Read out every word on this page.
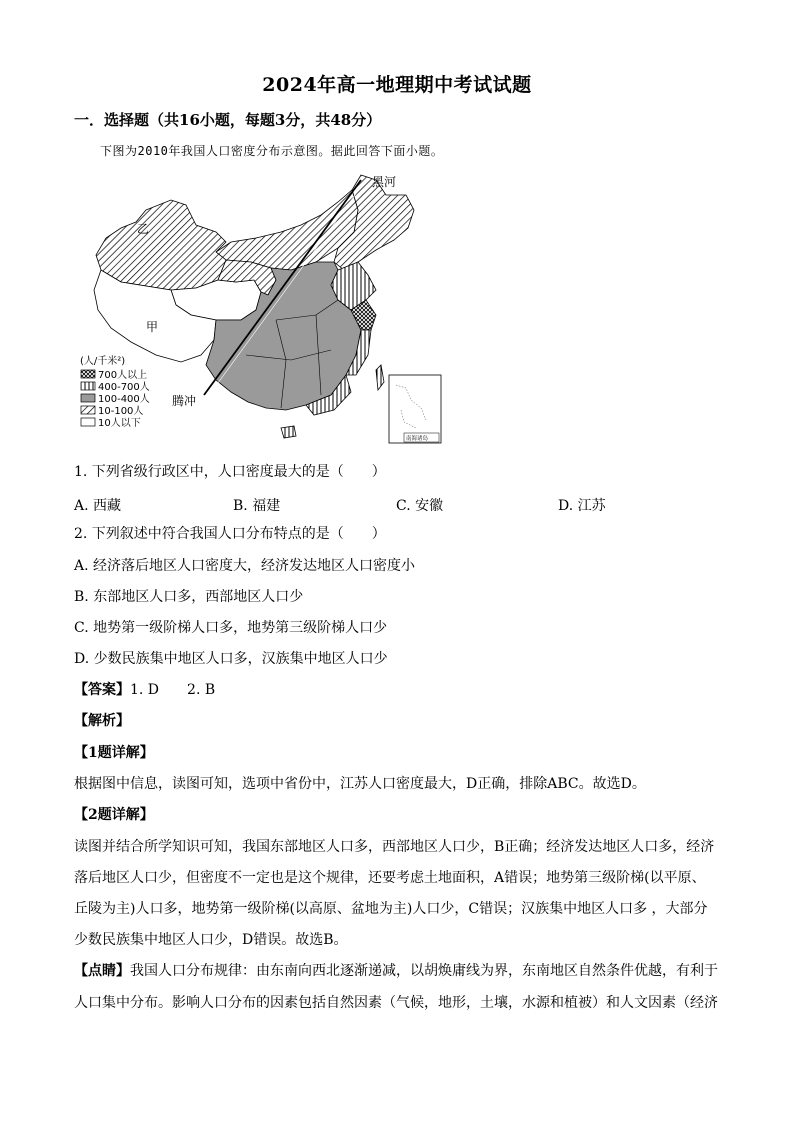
2024年高一地理期中考试试题
一．选择题（共16小题，每题3分，共48分）
下图为2010年我国人口密度分布示意图。据此回答下面小题。
黑河
腾冲
甲
乙
南海诸岛
(人/千米²)
700人以上
400-700人
100-400人
10-100人
10人以下
1. 下列省级行政区中，人口密度最大的是（　　）
A. 西藏	B. 福建	C. 安徽	D. 江苏
2. 下列叙述中符合我国人口分布特点的是（　　）
A. 经济落后地区人口密度大，经济发达地区人口密度小
B. 东部地区人口多，西部地区人口少
C. 地势第一级阶梯人口多，地势第三级阶梯人口少
D. 少数民族集中地区人口多，汉族集中地区人口少
【答案】1. D　　2. B
【解析】
【1题详解】
根据图中信息，读图可知，选项中省份中，江苏人口密度最大，D正确，排除ABC。故选D。
【2题详解】
读图并结合所学知识可知，我国东部地区人口多，西部地区人口少，B正确；经济发达地区人口多，经济
落后地区人口少，但密度不一定也是这个规律，还要考虑土地面积，A错误；地势第三级阶梯(以平原、
丘陵为主)人口多，地势第一级阶梯(以高原、盆地为主)人口少，C错误；汉族集中地区人口多 ，大部分
少数民族集中地区人口少，D错误。故选B。
【点睛】我国人口分布规律：由东南向西北逐渐递减，以胡焕庸线为界，东南地区自然条件优越，有利于
人口集中分布。影响人口分布的因素包括自然因素（气候，地形，土壤，水源和植被）和人文因素（经济
